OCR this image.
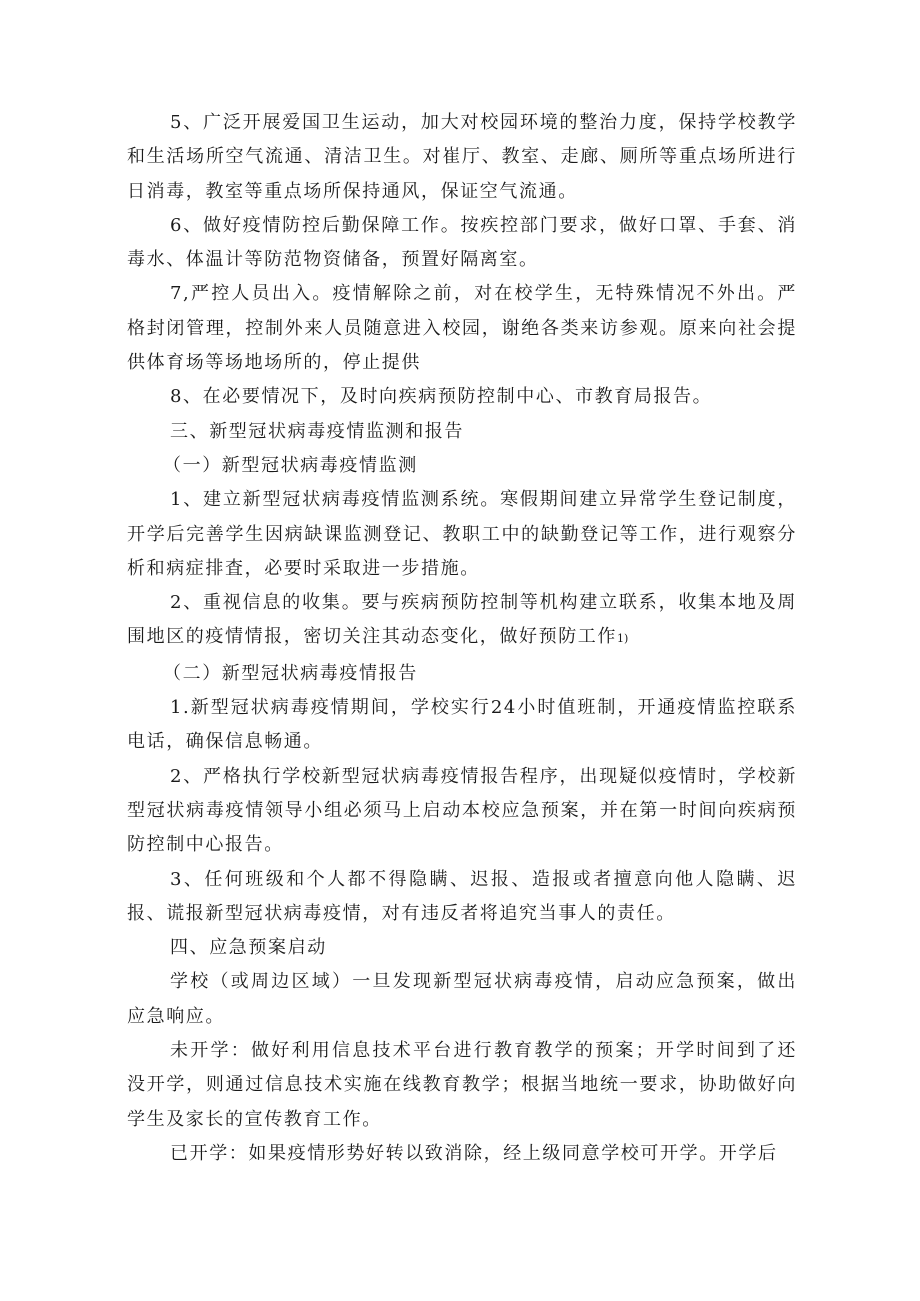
5、广泛开展爱国卫生运动，加大对校园环境的整治力度，保持学校教学和生活场所空气流通、清洁卫生。对崔厅、教室、走廊、厕所等重点场所进行日消毒，教室等重点场所保持通风，保证空气流通。

6、做好疫情防控后勤保障工作。按疾控部门要求，做好口罩、手套、消毒水、体温计等防范物资储备，预置好隔离室。

7,严控人员出入。疫情解除之前，对在校学生，无特殊情况不外出。严格封闭管理，控制外来人员随意进入校园，谢绝各类来访参观。原来向社会提供体育场等场地场所的，停止提供

8、在必要情况下，及时向疾病预防控制中心、市教育局报告。

三、新型冠状病毒疫情监测和报告

（一）新型冠状病毒疫情监测

1、建立新型冠状病毒疫情监测系统。寒假期间建立异常学生登记制度，开学后完善学生因病缺课监测登记、教职工中的缺勤登记等工作，进行观察分析和病症排査，必要时采取进一步措施。

2、重视信息的收集。要与疾病预防控制等机构建立联系，收集本地及周围地区的疫情情报，密切关注其动态变化，做好预防工作1)

（二）新型冠状病毒疫情报告

1.新型冠状病毒疫情期间，学校实行24小时值班制，开通疫情监控联系电话，确保信息畅通。

2、严格执行学校新型冠状病毒疫情报告程序，出现疑似疫情时，学校新型冠状病毒疫情领导小组必须马上启动本校应急预案，并在第一时间向疾病预防控制中心报告。

3、任何班级和个人都不得隐瞒、迟报、造报或者擅意向他人隐瞒、迟报、谎报新型冠状病毒疫情，对有违反者将追究当事人的责任。

四、应急预案启动

学校（或周边区域）一旦发现新型冠状病毒疫情，启动应急预案，做出应急响应。

未开学：做好利用信息技术平台进行教育教学的预案；开学时间到了还没开学，则通过信息技术实施在线教育教学；根据当地统一要求，协助做好向学生及家长的宣传教育工作。

已开学：如果疫情形势好转以致消除，经上级同意学校可开学。开学后
